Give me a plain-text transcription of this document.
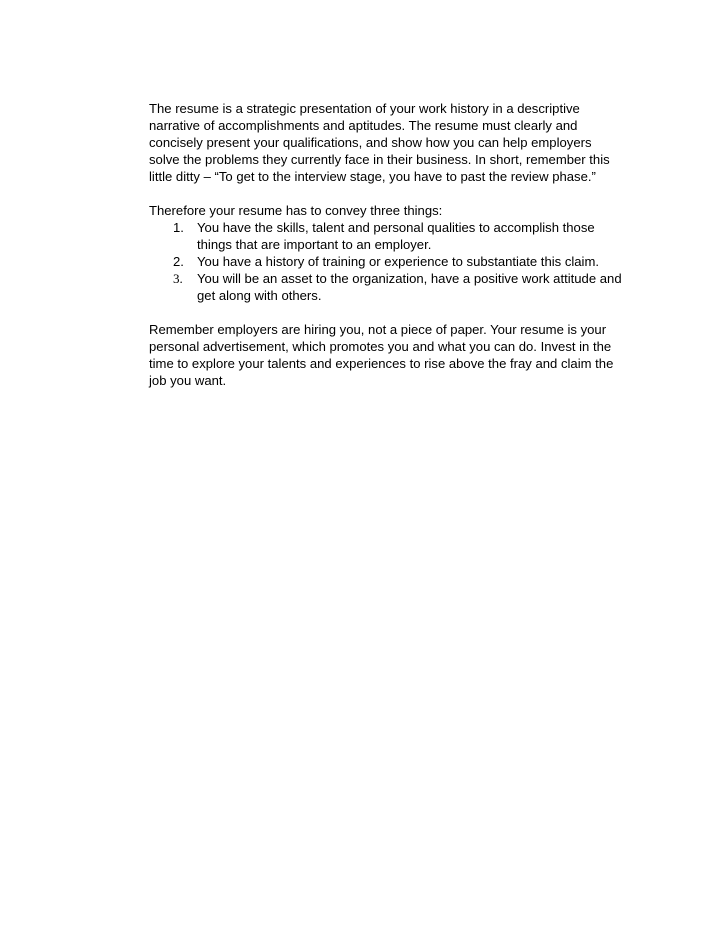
The resume is a strategic presentation of your work history in a descriptive
narrative of accomplishments and aptitudes. The resume must clearly and
concisely present your qualifications, and show how you can help employers
solve the problems they currently face in their business. In short, remember this
little ditty – “To get to the interview stage, you have to past the review phase.”

Therefore your resume has to convey three things:
1. You have the skills, talent and personal qualities to accomplish those
things that are important to an employer.
2. You have a history of training or experience to substantiate this claim.
3.	You will be an asset to the organization, have a positive work attitude and
get along with others.

Remember employers are hiring you, not a piece of paper. Your resume is your
personal advertisement, which promotes you and what you can do. Invest in the
time to explore your talents and experiences to rise above the fray and claim the
job you want.
